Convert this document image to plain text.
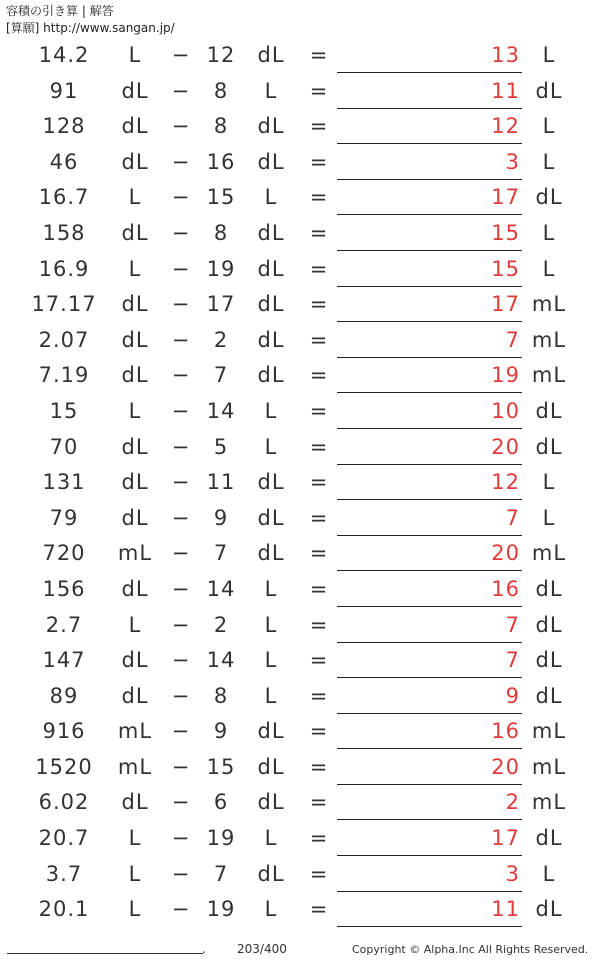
容積の引き算 | 解答
[算願] http://www.sangan.jp/
14.2	L	− 12	dL	=	13	L
91	dL	−	8	L	=	11 dL
128	dL	−	8	dL	=	12	L
46	dL	− 16	dL	=	3	L
16.7	L	− 15	L	=	17 dL
158	dL	−	8	dL	=	15	L
16.9	L	− 19	dL	=	15	L
17.17	dL	− 17	dL	=	17 mL
2.07	dL	−	2	dL	=	7 mL
7.19	dL	−	7	dL	=	19 mL
15	L	− 14	L	=	10 dL
70	dL	−	5	L	=	20 dL
131	dL	− 11	dL	=	12	L
79	dL	−	9	dL	=	7	L
720	mL −	7	dL	=	20 mL
156	dL	− 14	L	=	16 dL
2.7	L	−	2	L	=	7 dL
147	dL	− 14	L	=	7 dL
89	dL	−	8	L	=	9 dL
916	mL −	9	dL	=	16 mL
1520	mL − 15	dL	=	20 mL
6.02	dL	−	6	dL	=	2 mL
20.7	L	− 19	L	=	17 dL
3.7	L	−	7	dL	=	3	L
20.1	L	− 19	L	=	11 dL
.	203/400	Copyright © Alpha.Inc All Rights Reserved.
